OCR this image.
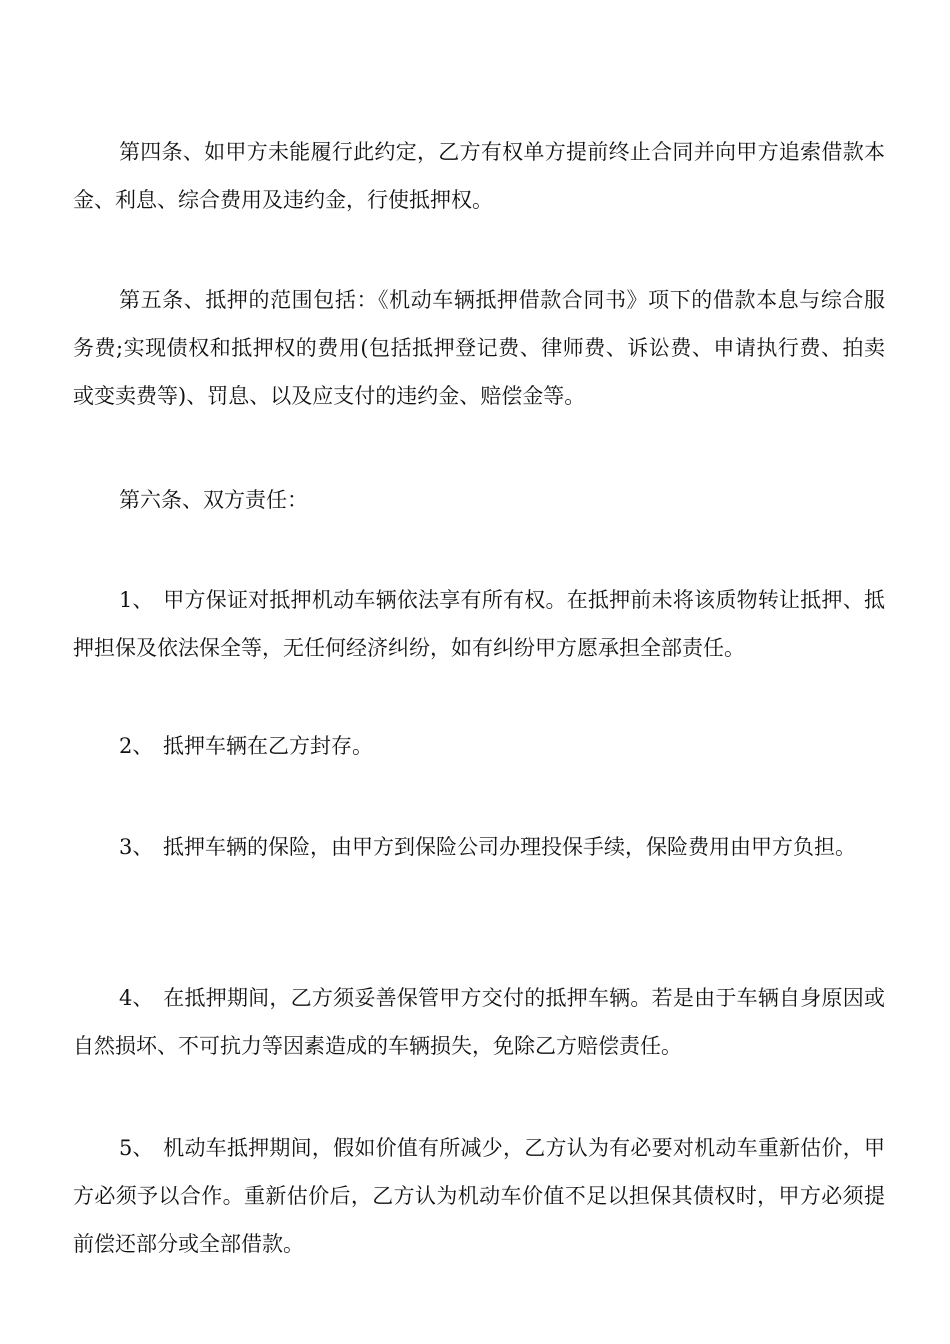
第四条、如甲方未能履行此约定，乙方有权单方提前终止合同并向甲方追索借款本金、利息、综合费用及违约金，行使抵押权。

第五条、抵押的范围包括：《机动车辆抵押借款合同书》项下的借款本息与综合服务费;实现债权和抵押权的费用(包括抵押登记费、律师费、诉讼费、申请执行费、拍卖或变卖费等)、罚息、以及应支付的违约金、赔偿金等。

第六条、双方责任：

1、 甲方保证对抵押机动车辆依法享有所有权。在抵押前未将该质物转让抵押、抵押担保及依法保全等，无任何经济纠纷，如有纠纷甲方愿承担全部责任。

2、 抵押车辆在乙方封存。

3、 抵押车辆的保险，由甲方到保险公司办理投保手续，保险费用由甲方负担。

4、 在抵押期间，乙方须妥善保管甲方交付的抵押车辆。若是由于车辆自身原因或自然损坏、不可抗力等因素造成的车辆损失，免除乙方赔偿责任。

5、 机动车抵押期间，假如价值有所减少，乙方认为有必要对机动车重新估价，甲方必须予以合作。重新估价后，乙方认为机动车价值不足以担保其债权时，甲方必须提前偿还部分或全部借款。
